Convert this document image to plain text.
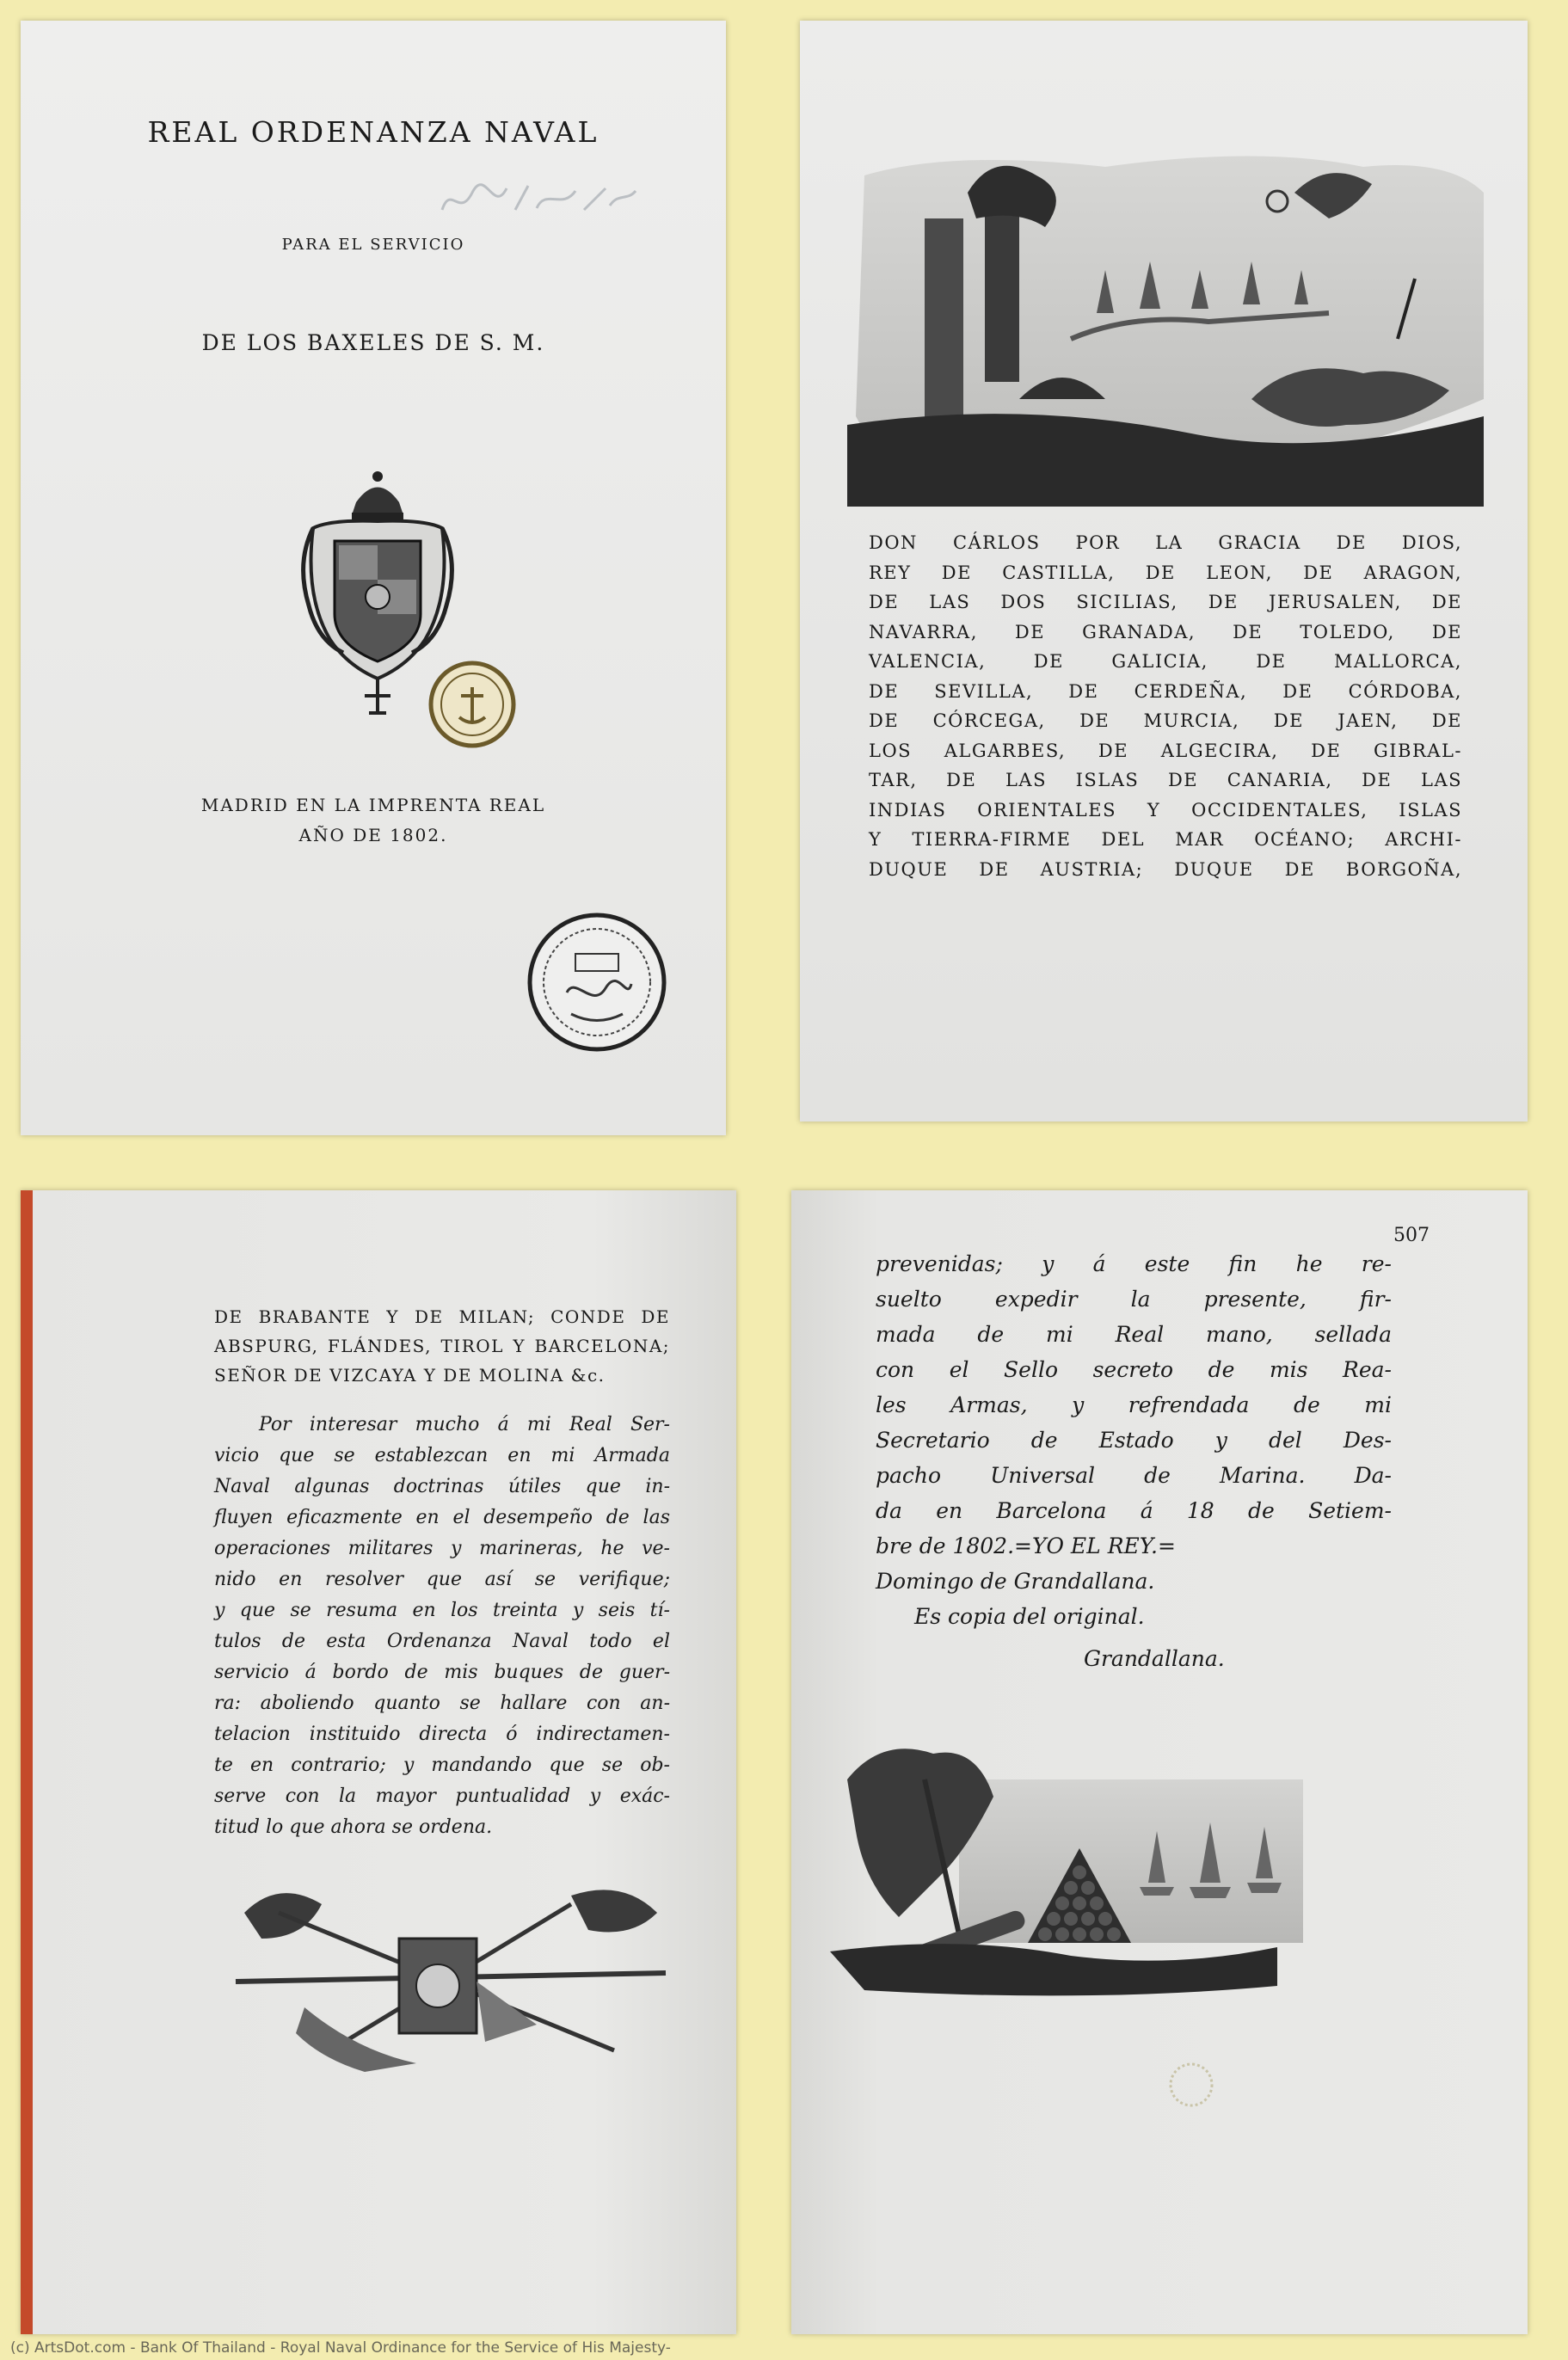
REAL ORDENANZA NAVAL
PARA EL SERVICIO
DE LOS BAXELES DE S. M.
MADRID EN LA IMPRENTA REAL
AÑO DE 1802.
DON CÁRLOS POR LA GRACIA DE DIOS,
REY DE CASTILLA, DE LEON, DE ARAGON,
DE LAS DOS SICILIAS, DE JERUSALEN, DE
NAVARRA, DE GRANADA, DE TOLEDO, DE
VALENCIA, DE GALICIA, DE MALLORCA,
DE SEVILLA, DE CERDEÑA, DE CÓRDOBA,
DE CÓRCEGA, DE MURCIA, DE JAEN, DE
LOS ALGARBES, DE ALGECIRA, DE GIBRAL-
TAR, DE LAS ISLAS DE CANARIA, DE LAS
INDIAS ORIENTALES Y OCCIDENTALES, ISLAS
Y TIERRA-FIRME DEL MAR OCÉANO; ARCHI-
DUQUE DE AUSTRIA; DUQUE DE BORGOÑA,
DE BRABANTE Y DE MILAN; CONDE DE
ABSPURG, FLÁNDES, TIROL Y BARCELONA;
SEÑOR DE VIZCAYA Y DE MOLINA &c.
Por interesar mucho á mi Real Ser-
vicio que se establezcan en mi Armada
Naval algunas doctrinas útiles que in-
fluyen eficazmente en el desempeño de las
operaciones militares y marineras, he ve-
nido en resolver que así se verifique;
y que se resuma en los treinta y seis tí-
tulos de esta Ordenanza Naval todo el
servicio á bordo de mis buques de guer-
ra: aboliendo quanto se hallare con an-
telacion instituido directa ó indirectamen-
te en contrario; y mandando que se ob-
serve con la mayor puntualidad y exác-
titud lo que ahora se ordena.
507
prevenidas; y á este fin he re-
suelto expedir la presente, fir-
mada de mi Real mano, sellada
con el Sello secreto de mis Rea-
les Armas, y refrendada de mi
Secretario de Estado y del Des-
pacho Universal de Marina. Da-
da en Barcelona á 18 de Setiem-
bre de 1802.=YO EL REY.=
Domingo de Grandallana.
Es copia del original.
Grandallana.
(c) ArtsDot.com - Bank Of Thailand - Royal Naval Ordinance for the Service of His Majesty-
